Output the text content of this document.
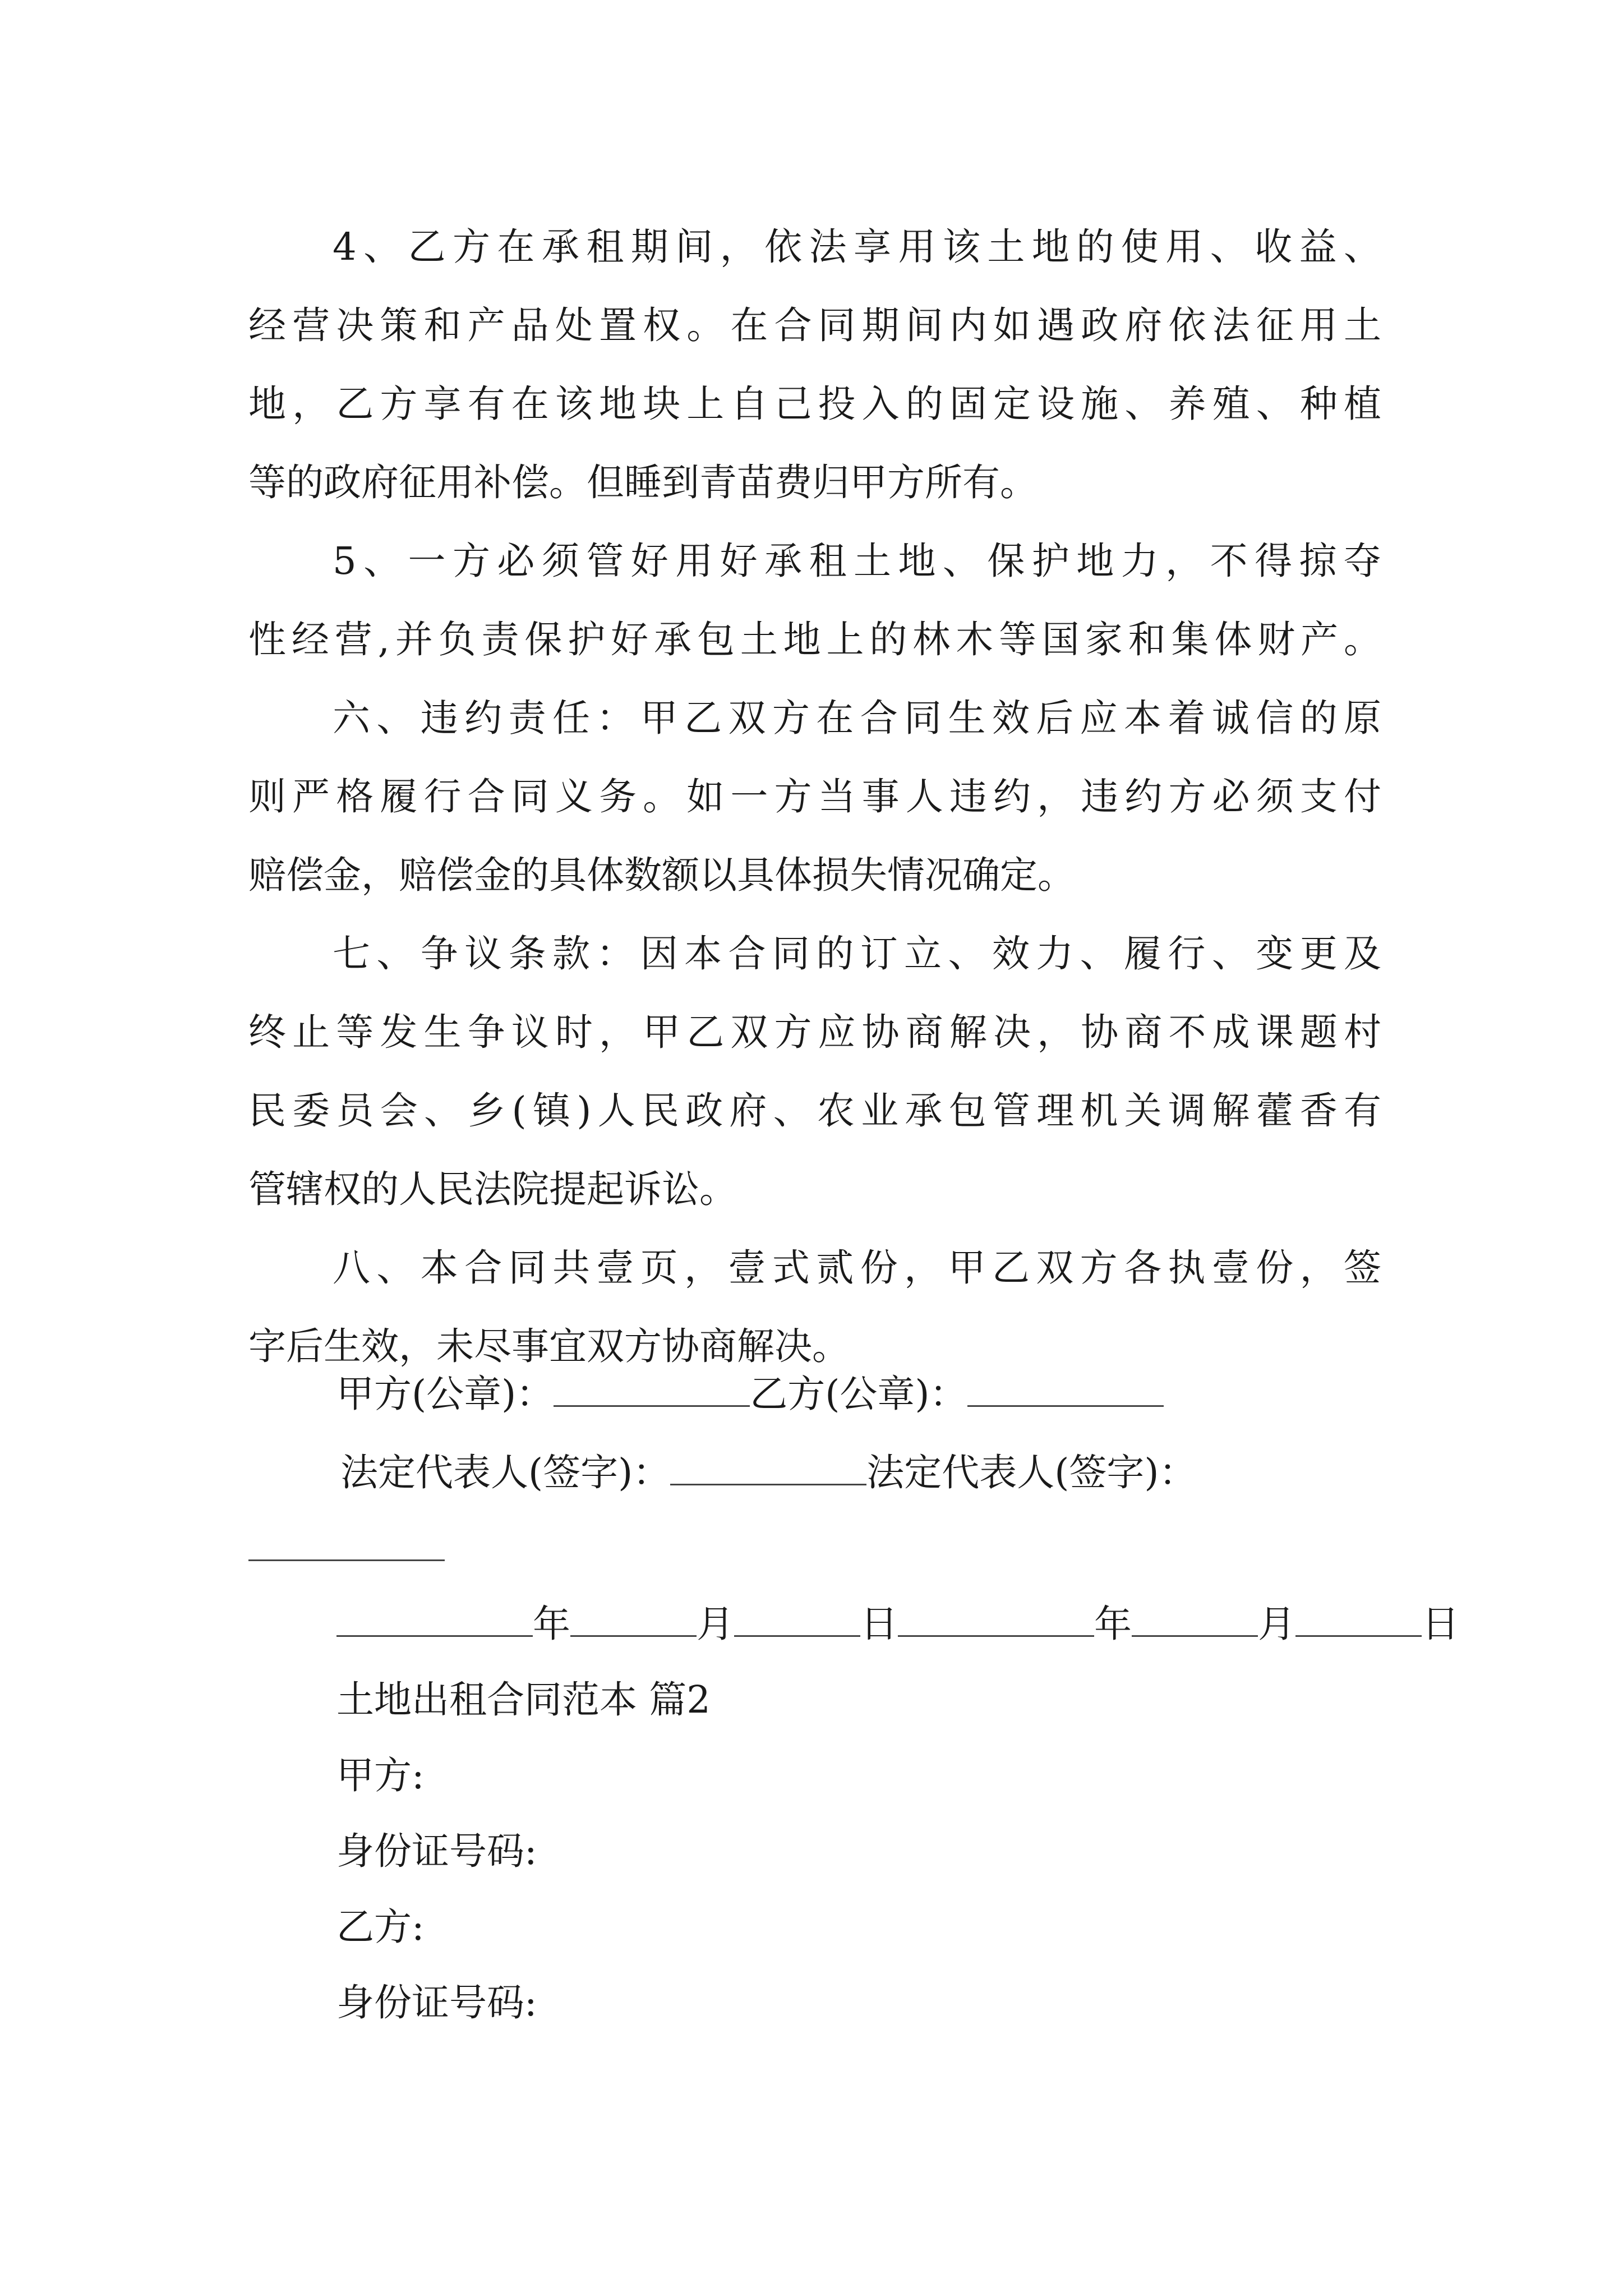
4、乙方在承租期间，依法享用该土地的使用、收益、
经营决策和产品处置权。在合同期间内如遇政府依法征用土
地，乙方享有在该地块上自己投入的固定设施、养殖、种植
等的政府征用补偿。但睡到青苗费归甲方所有。
5、一方必须管好用好承租土地、保护地力，不得掠夺
性经营,并负责保护好承包土地上的林木等国家和集体财产。
六、违约责任：甲乙双方在合同生效后应本着诚信的原
则严格履行合同义务。如一方当事人违约，违约方必须支付
赔偿金，赔偿金的具体数额以具体损失情况确定。
七、争议条款：因本合同的订立、效力、履行、变更及
终止等发生争议时，甲乙双方应协商解决，协商不成课题村
民委员会、乡(镇)人民政府、农业承包管理机关调解藿香有
管辖权的人民法院提起诉讼。
八、本合同共壹页，壹式贰份，甲乙双方各执壹份，签
字后生效，未尽事宜双方协商解决。
甲方(公章)：	乙方(公章)：
法定代表人(签字)：	法定代表人(签字)：
年	月	日	年	月	日
土地出租合同范本 篇2
甲方:
身份证号码:
乙方:
身份证号码:
